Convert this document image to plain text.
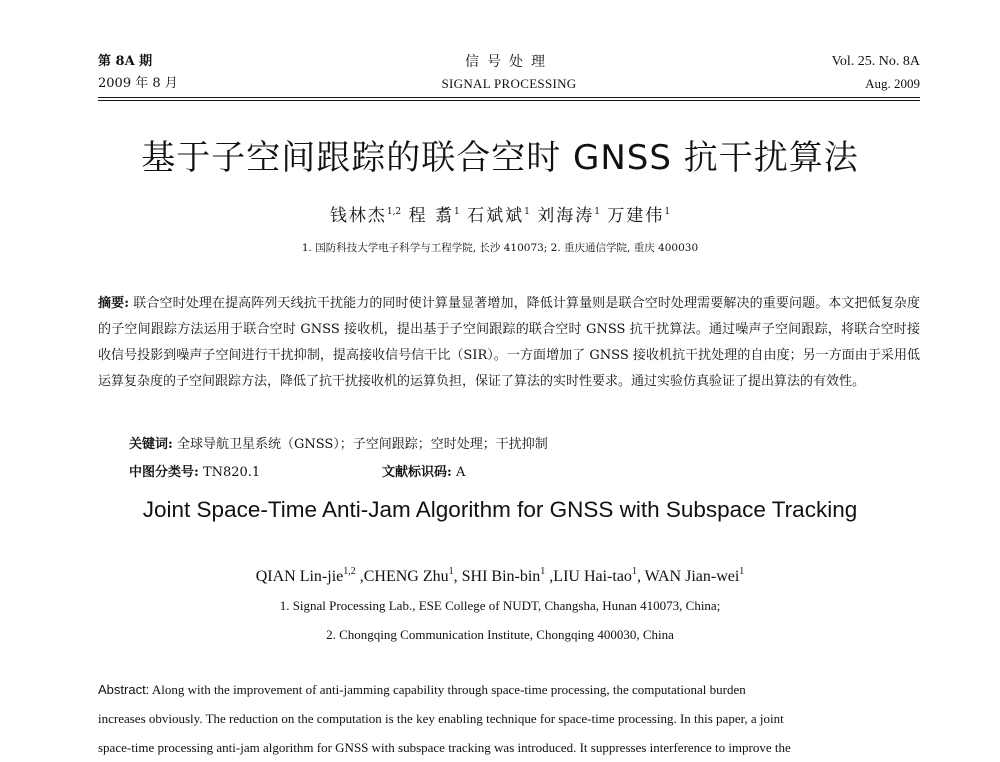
第 8A 期
2009 年 8 月
信号处理
SIGNAL PROCESSING
Vol. 25. No. 8A
Aug. 2009
基于子空间跟踪的联合空时 GNSS 抗干扰算法
钱林杰$^{1,2}$ 程 翥$^1$ 石斌斌$^1$ 刘海涛$^1$ 万建伟$^1$
1. 国防科技大学电子科学与工程学院, 长沙 410073; 2. 重庆通信学院, 重庆 400030
摘要: 联合空时处理在提高阵列天线抗干扰能力的同时使计算量显著增加，降低计算量则是联合空时处理需要解决的重要问题。本文把低复杂度的子空间跟踪方法运用于联合空时 GNSS 接收机，提出基于子空间跟踪的联合空时 GNSS 抗干扰算法。通过噪声子空间跟踪，将联合空时接收信号投影到噪声子空间进行干扰抑制，提高接收信号信干比（SIR）。一方面增加了 GNSS 接收机抗干扰处理的自由度；另一方面由于采用低运算复杂度的子空间跟踪方法，降低了抗干扰接收机的运算负担，保证了算法的实时性要求。通过实验仿真验证了提出算法的有效性。
关键词: 全球导航卫星系统（GNSS）；子空间跟踪；空时处理；干扰抑制
中图分类号: TN820.1	文献标识码: A
Joint Space-Time Anti-Jam Algorithm for GNSS with Subspace Tracking
QIAN Lin-jie$^{1,2}$ ,CHENG Zhu$^1$, SHI Bin-bin$^1$ ,LIU Hai-tao$^1$, WAN Jian-wei$^1$
1. Signal Processing Lab., ESE College of NUDT, Changsha, Hunan 410073, China;
2. Chongqing Communication Institute, Chongqing 400030, China
Abstract: Along with the improvement of anti-jamming capability through space-time processing, the computational burden
increases obviously. The reduction on the computation is the key enabling technique for space-time processing. In this paper, a joint
space-time processing anti-jam algorithm for GNSS with subspace tracking was introduced. It suppresses interference to improve the
